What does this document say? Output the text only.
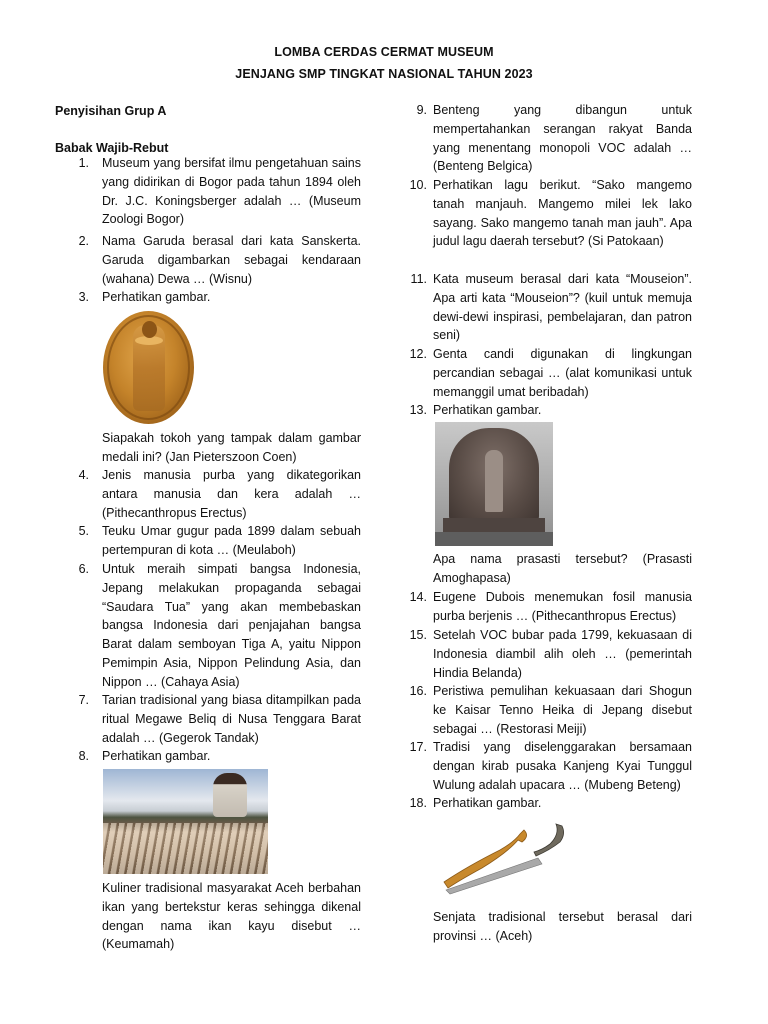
LOMBA CERDAS CERMAT MUSEUM
JENJANG SMP TINGKAT NASIONAL TAHUN 2023
Penyisihan Grup A
Babak Wajib-Rebut
1. Museum yang bersifat ilmu pengetahuan sains yang didirikan di Bogor pada tahun 1894 oleh Dr. J.C. Koningsberger adalah … (Museum Zoologi Bogor)
2. Nama Garuda berasal dari kata Sanskerta. Garuda digambarkan sebagai kendaraan (wahana) Dewa … (Wisnu)
3. Perhatikan gambar.
Siapakah tokoh yang tampak dalam gambar medali ini? (Jan Pieterszoon Coen)
4. Jenis manusia purba yang dikategorikan antara manusia dan kera adalah … (Pithecanthropus Erectus)
5. Teuku Umar gugur pada 1899 dalam sebuah pertempuran di kota … (Meulaboh)
6. Untuk meraih simpati bangsa Indonesia, Jepang melakukan propaganda sebagai “Saudara Tua” yang akan membebaskan bangsa Indonesia dari penjajahan bangsa Barat dalam semboyan Tiga A, yaitu Nippon Pemimpin Asia, Nippon Pelindung Asia, dan Nippon … (Cahaya Asia)
7. Tarian tradisional yang biasa ditampilkan pada ritual Megawe Beliq di Nusa Tenggara Barat adalah … (Gegerok Tandak)
8. Perhatikan gambar.
Kuliner tradisional masyarakat Aceh berbahan ikan yang bertekstur keras sehingga dikenal dengan nama ikan kayu disebut … (Keumamah)
9. Benteng yang dibangun untuk mempertahankan serangan rakyat Banda yang menentang monopoli VOC adalah … (Benteng Belgica)
10. Perhatikan lagu berikut. “Sako mangemo tanah manjauh. Mangemo milei lek lako sayang. Sako mangemo tanah man jauh”. Apa judul lagu daerah tersebut? (Si Patokaan)
11. Kata museum berasal dari kata “Mouseion”. Apa arti kata “Mouseion”? (kuil untuk memuja dewi-dewi inspirasi, pembelajaran, dan patron seni)
12. Genta candi digunakan di lingkungan percandian sebagai … (alat komunikasi untuk memanggil umat beribadah)
13. Perhatikan gambar.
Apa nama prasasti tersebut? (Prasasti Amoghapasa)
14. Eugene Dubois menemukan fosil manusia purba berjenis … (Pithecanthropus Erectus)
15. Setelah VOC bubar pada 1799, kekuasaan di Indonesia diambil alih oleh … (pemerintah Hindia Belanda)
16. Peristiwa pemulihan kekuasaan dari Shogun ke Kaisar Tenno Heika di Jepang disebut sebagai … (Restorasi Meiji)
17. Tradisi yang diselenggarakan bersamaan dengan kirab pusaka Kanjeng Kyai Tunggul Wulung adalah upacara … (Mubeng Beteng)
18. Perhatikan gambar.
Senjata tradisional tersebut berasal dari provinsi … (Aceh)
